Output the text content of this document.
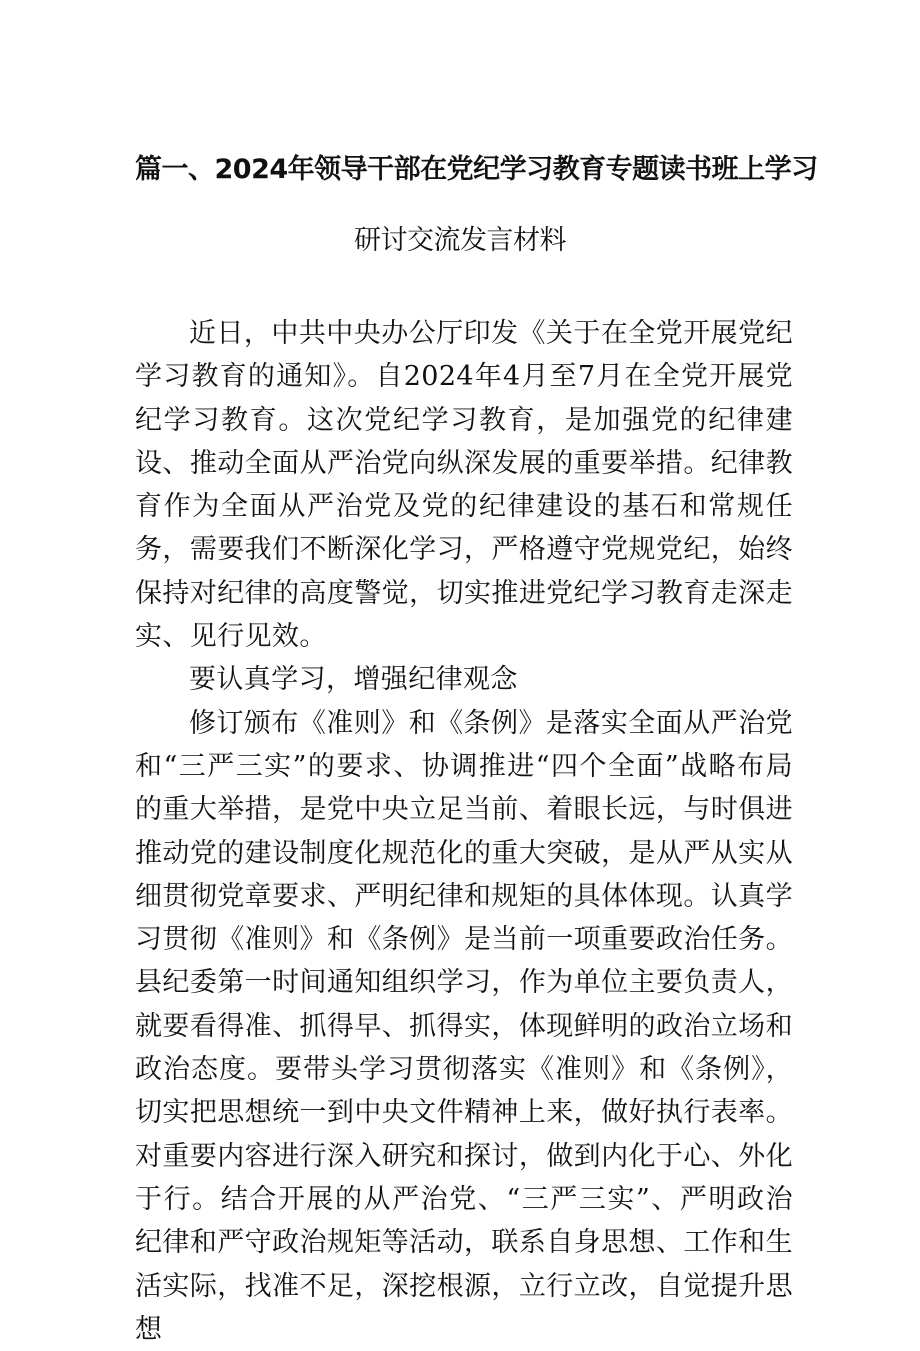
篇一、2024年领导干部在党纪学习教育专题读书班上学习
研讨交流发言材料

近日，中共中央办公厅印发《关于在全党开展党纪学习教育的通知》。自2024年4月至7月在全党开展党纪学习教育。这次党纪学习教育，是加强党的纪律建设、推动全面从严治党向纵深发展的重要举措。纪律教育作为全面从严治党及党的纪律建设的基石和常规任务，需要我们不断深化学习，严格遵守党规党纪，始终保持对纪律的高度警觉，切实推进党纪学习教育走深走实、见行见效。

要认真学习，增强纪律观念

修订颁布《准则》和《条例》是落实全面从严治党和“三严三实”的要求、协调推进“四个全面”战略布局的重大举措，是党中央立足当前、着眼长远，与时俱进推动党的建设制度化规范化的重大突破，是从严从实从细贯彻党章要求、严明纪律和规矩的具体体现。认真学习贯彻《准则》和《条例》是当前一项重要政治任务。县纪委第一时间通知组织学习，作为单位主要负责人，就要看得准、抓得早、抓得实，体现鲜明的政治立场和政治态度。要带头学习贯彻落实《准则》和《条例》，切实把思想统一到中央文件精神上来，做好执行表率。对重要内容进行深入研究和探讨，做到内化于心、外化于行。结合开展的从严治党、“三严三实”、严明政治纪律和严守政治规矩等活动，联系自身思想、工作和生活实际，找准不足，深挖根源，立行立改，自觉提升思想
